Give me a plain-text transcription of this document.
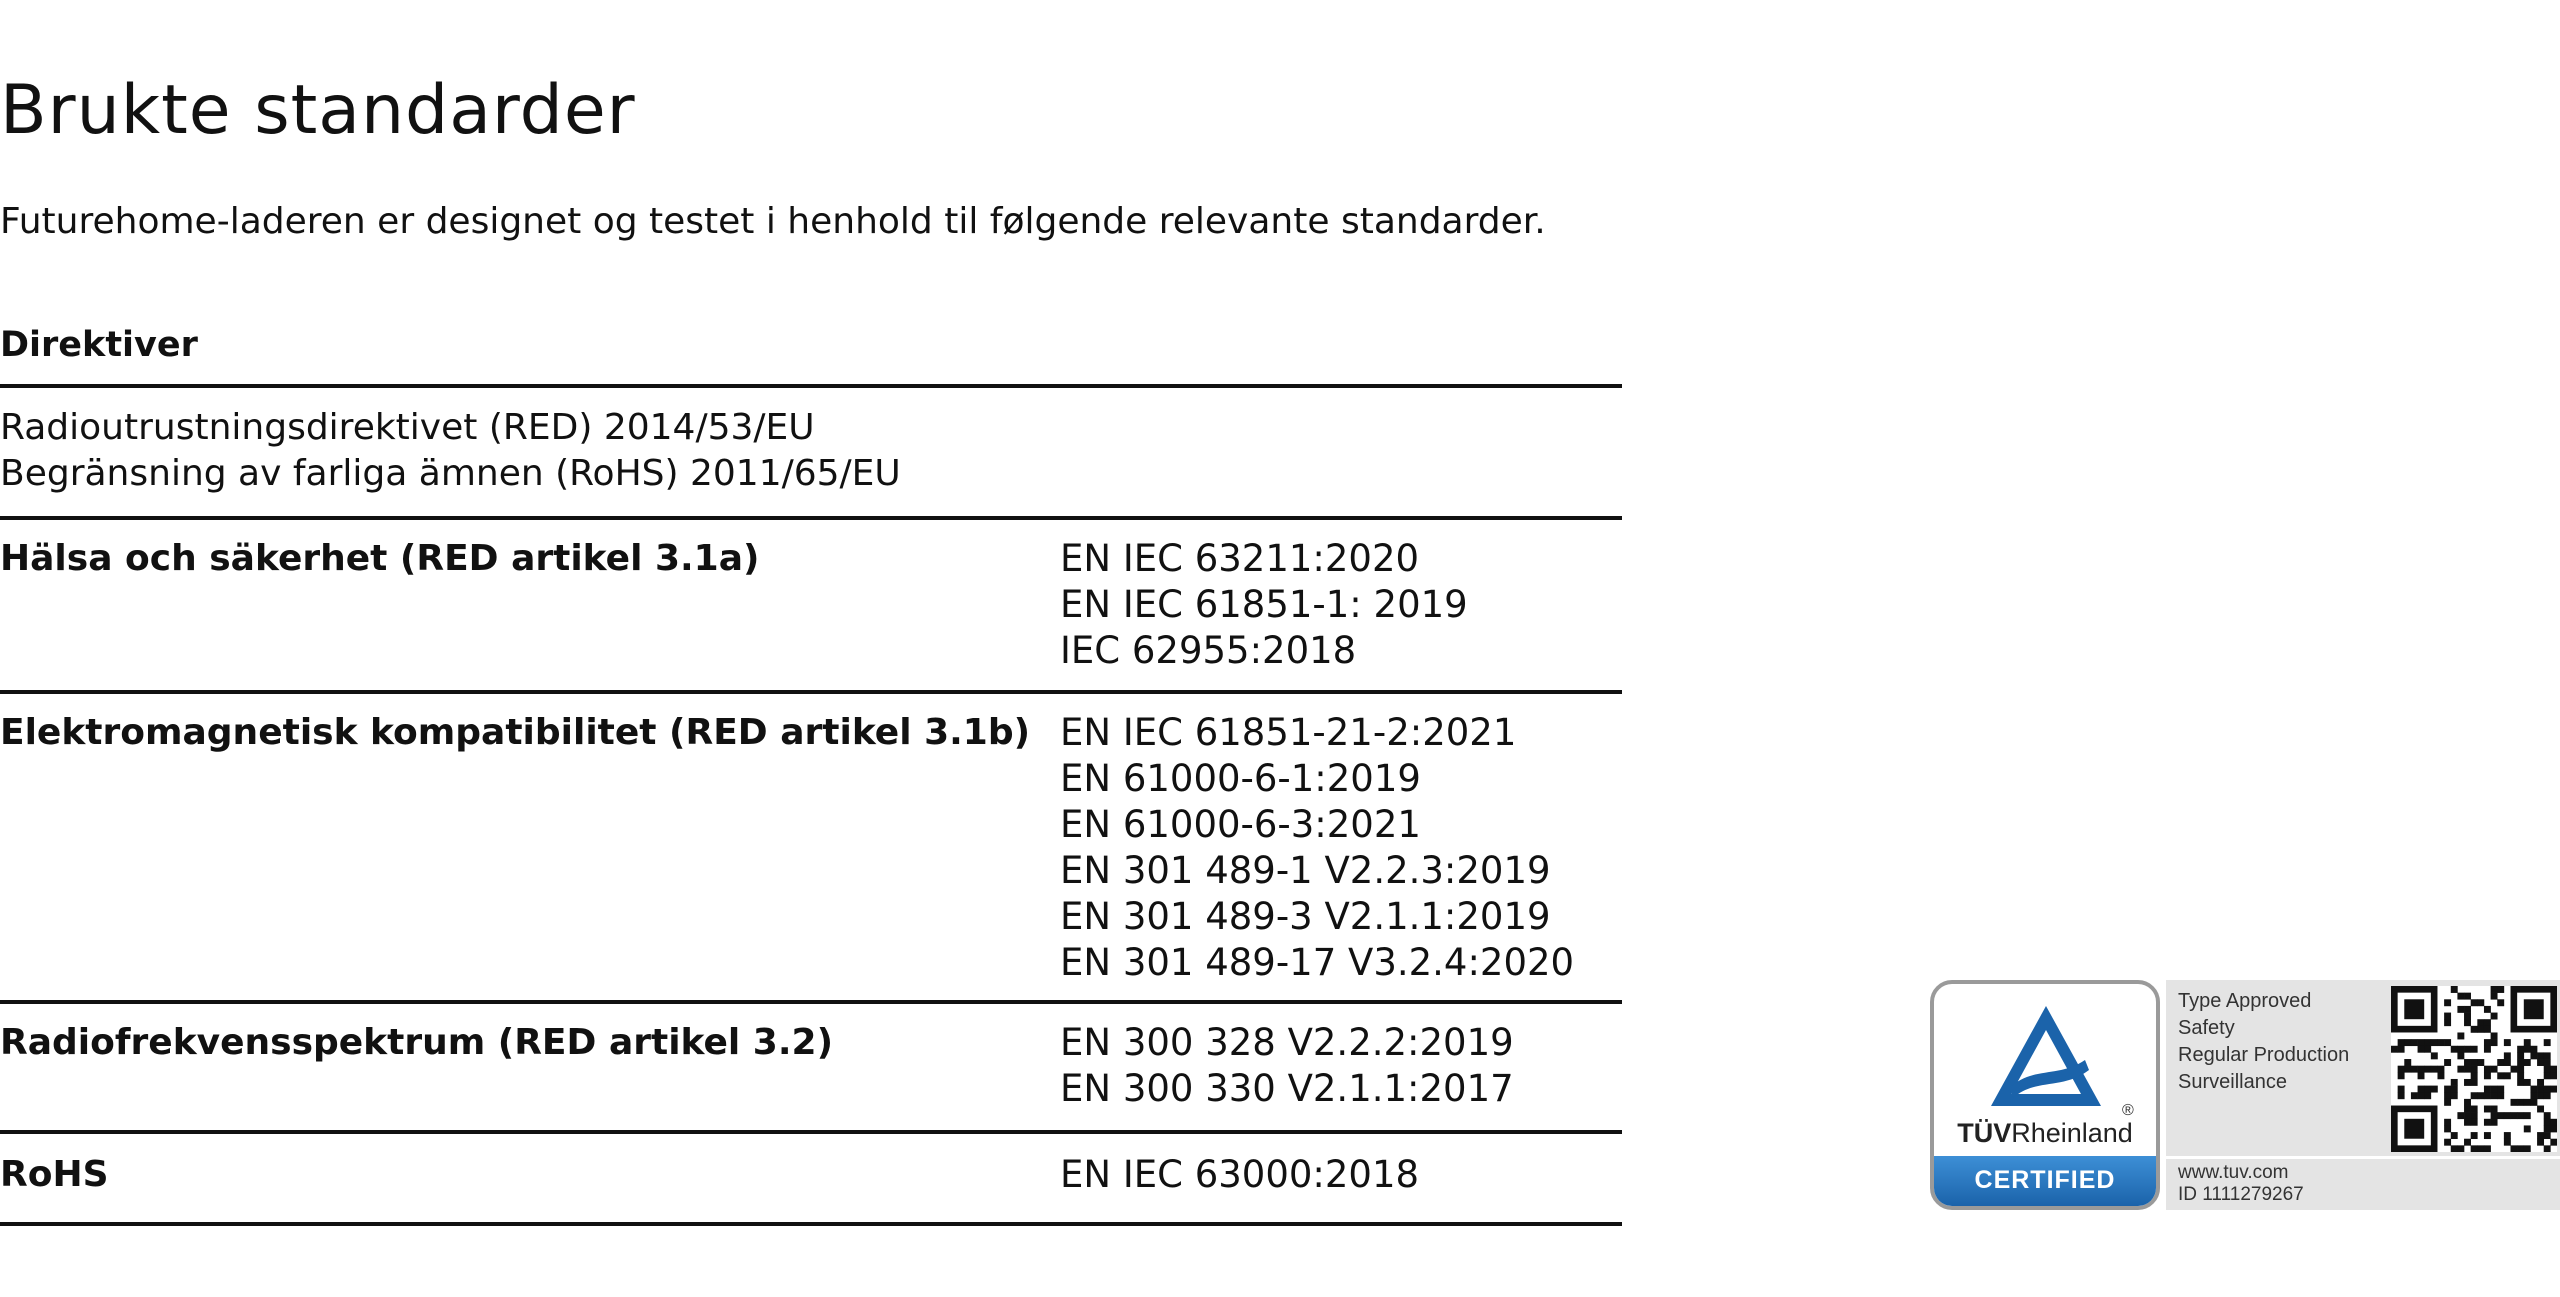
Brukte standarder

Futurehome-laderen er designet og testet i henhold til følgende relevante standarder.

Direktiver

Radioutrustningsdirektivet (RED) 2014/53/EU
Begränsning av farliga ämnen (RoHS) 2011/65/EU
Hälsa och säkerhet (RED artikel 3.1a)	EN IEC 63211:2020
EN IEC 61851-1: 2019
IEC 62955:2018
Elektromagnetisk kompatibilitet (RED artikel 3.1b) EN IEC 61851-21-2:2021
EN 61000-6-1:2019
EN 61000-6-3:2021
EN 301 489-1 V2.2.3:2019
EN 301 489-3 V2.1.1:2019
EN 301 489-17 V3.2.4:2020
Radiofrekvensspektrum (RED artikel 3.2)	EN 300 328 V2.2.2:2019
EN 300 330 V2.1.1:2017
RoHS	EN IEC 63000:2018
®
TÜVRheinland
CERTIFIED
Type Approved
Safety
Regular Production
Surveillance
www.tuv.com
ID 1111279267
